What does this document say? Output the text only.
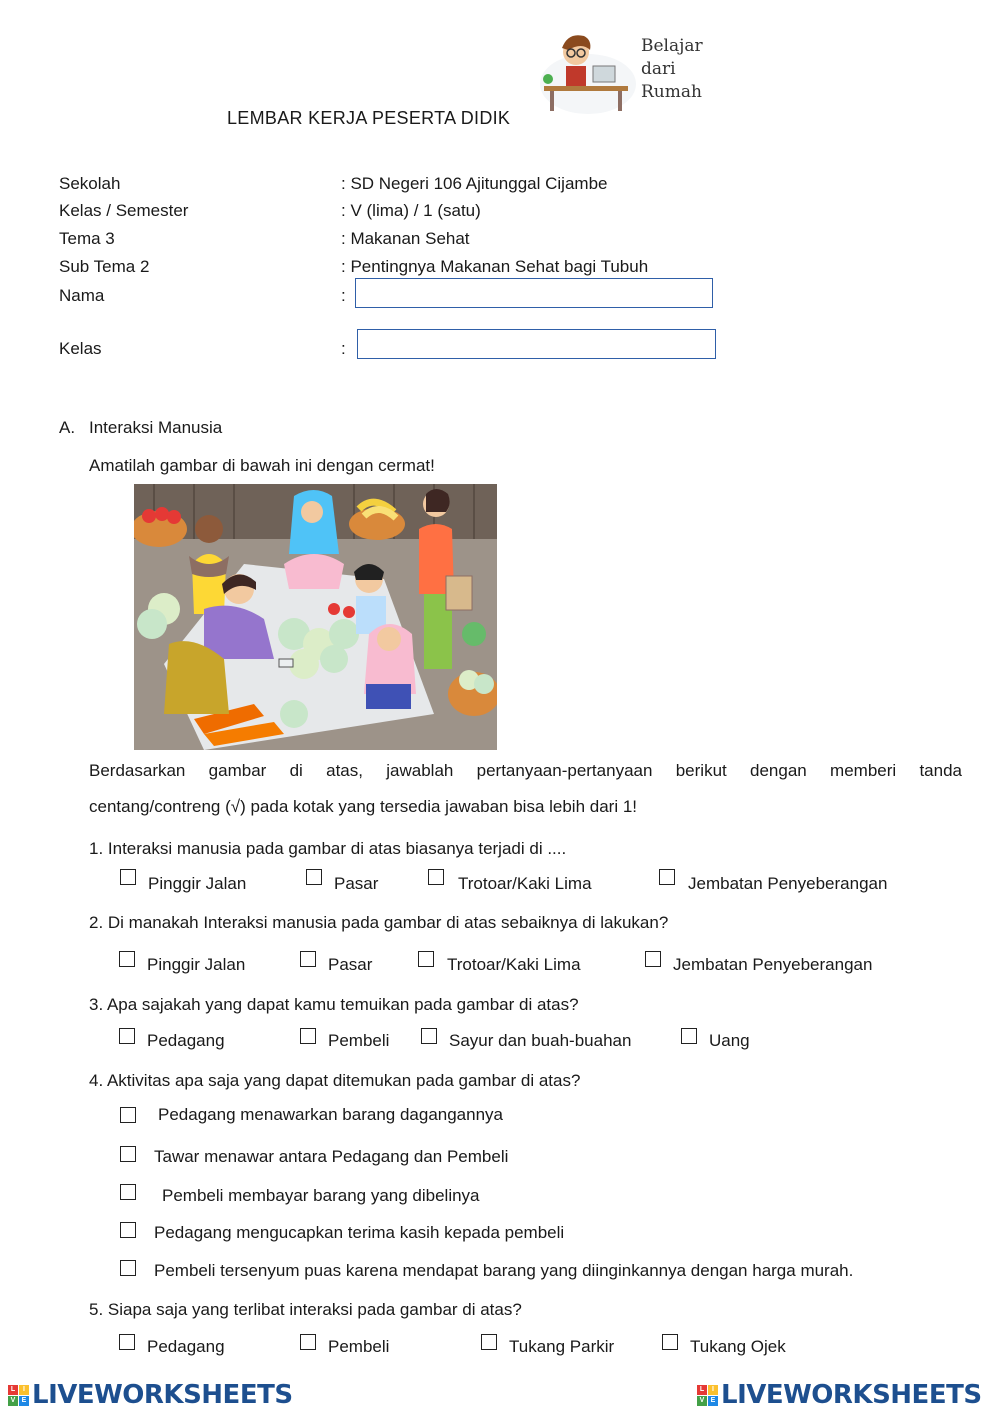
Belajar
dari
Rumah
LEMBAR KERJA PESERTA DIDIK
Sekolah	: SD Negeri 106 Ajitunggal Cijambe
Kelas / Semester	: V (lima) / 1 (satu)
Tema 3	: Makanan Sehat
Sub Tema 2	: Pentingnya Makanan Sehat bagi Tubuh
Nama	:
Kelas	:
A. Interaksi Manusia
Amatilah gambar di bawah ini dengan cermat!
Berdasarkan gambar di atas, jawablah pertanyaan-pertanyaan berikut dengan memberi tanda
centang/contreng (√) pada kotak yang tersedia jawaban bisa lebih dari 1!
1. Interaksi manusia pada gambar di atas biasanya terjadi di ....
Pinggir Jalan	Pasar	Trotoar/Kaki Lima	Jembatan Penyeberangan
2. Di manakah Interaksi manusia pada gambar di atas sebaiknya di lakukan?
Pinggir Jalan	Pasar	Trotoar/Kaki Lima	Jembatan Penyeberangan
3. Apa sajakah yang dapat kamu temuikan pada gambar di atas?
Pedagang	Pembeli	Sayur dan buah-buahan	Uang
4. Aktivitas apa saja yang dapat ditemukan pada gambar di atas?
Pedagang menawarkan barang dagangannya
Tawar menawar antara Pedagang dan Pembeli
Pembeli membayar barang yang dibelinya
Pedagang mengucapkan terima kasih kepada pembeli
Pembeli tersenyum puas karena mendapat barang yang diinginkannya dengan harga murah.
5. Siapa saja yang terlibat interaksi pada gambar di atas?
Pedagang	Pembeli	Tukang Parkir	Tukang Ojek
L	I
V E LIVEWORKSHEETS	L	I
V E LIVEWORKSHEETS
